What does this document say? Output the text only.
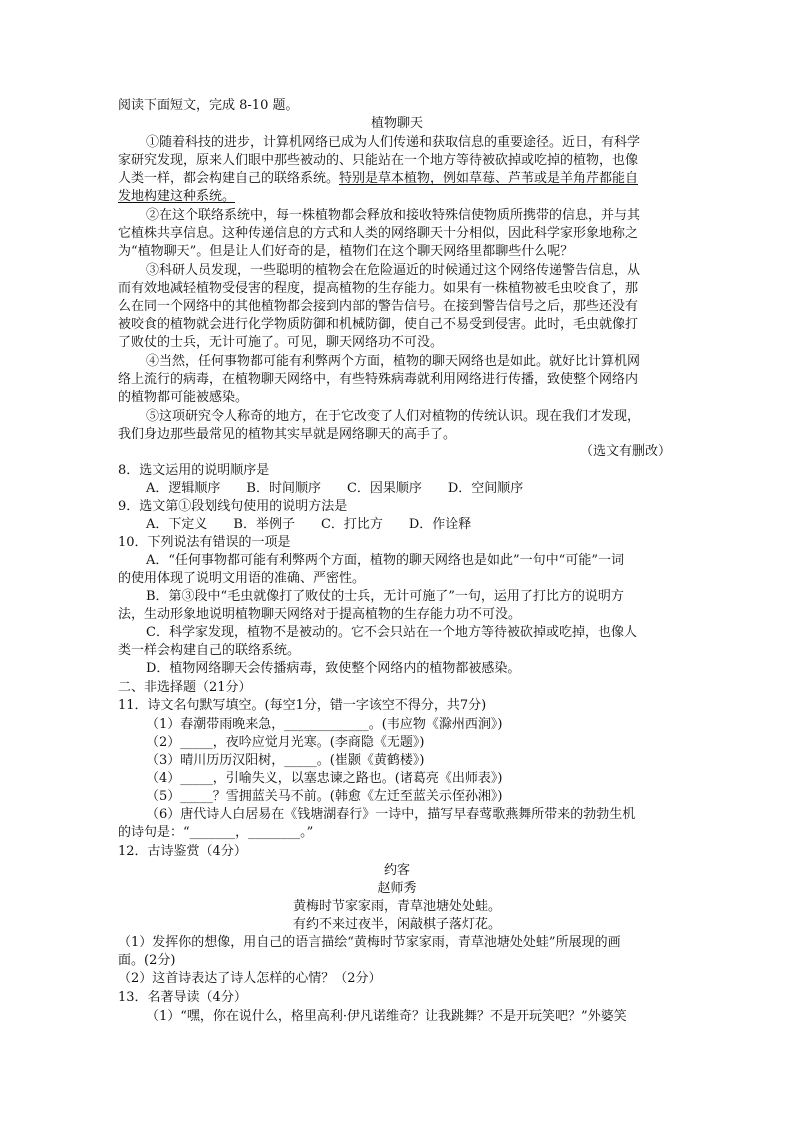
阅读下面短文，完成 8-10 题。
植物聊天
①随着科技的进步，计算机网络已成为人们传递和获取信息的重要途径。近日，有科学
家研究发现，原来人们眼中那些被动的、只能站在一个地方等待被砍掉或吃掉的植物，也像
人类一样，都会构建自己的联络系统。特别是草本植物，例如草莓、芦苇或是羊角芹都能自
发地构建这种系统。
②在这个联络系统中，每一株植物都会释放和接收特殊信使物质所携带的信息，并与其
它植株共享信息。这种传递信息的方式和人类的网络聊天十分相似，因此科学家形象地称之
为“植物聊天”。但是让人们好奇的是，植物们在这个聊天网络里都聊些什么呢？
③科研人员发现，一些聪明的植物会在危险逼近的时候通过这个网络传递警告信息，从
而有效地减轻植物受侵害的程度，提高植物的生存能力。如果有一株植物被毛虫咬食了，那
么在同一个网络中的其他植物都会接到内部的警告信号。在接到警告信号之后，那些还没有
被咬食的植物就会进行化学物质防御和机械防御，使自己不易受到侵害。此时，毛虫就像打
了败仗的士兵，无计可施了。可见，聊天网络功不可没。
④当然，任何事物都可能有利弊两个方面，植物的聊天网络也是如此。就好比计算机网
络上流行的病毒，在植物聊天网络中，有些特殊病毒就利用网络进行传播，致使整个网络内
的植物都可能被感染。
⑤这项研究令人称奇的地方，在于它改变了人们对植物的传统认识。现在我们才发现，
我们身边那些最常见的植物其实早就是网络聊天的高手了。
（选文有删改）
8．选文运用的说明顺序是
A．逻辑顺序　　B．时间顺序　　C．因果顺序　　D．空间顺序
9．选文第①段划线句使用的说明方法是
A．下定义　　B．举例子　　C．打比方　　D．作诠释
10．下列说法有错误的一项是
A．“任何事物都可能有利弊两个方面，植物的聊天网络也是如此”一句中“可能”一词
的使用体现了说明文用语的准确、严密性。
B．第③段中“毛虫就像打了败仗的士兵，无计可施了”一句，运用了打比方的说明方
法，生动形象地说明植物聊天网络对于提高植物的生存能力功不可没。
C．科学家发现，植物不是被动的。它不会只站在一个地方等待被砍掉或吃掉，也像人
类一样会构建自己的联络系统。
D．植物网络聊天会传播病毒，致使整个网络内的植物都被感染。
二、非选择题（21分）
11．诗文名句默写填空。(每空1分，错一字该空不得分，共7分)
（1）春潮带雨晚来急，_____________。(韦应物《滁州西涧》)
（2）_____，夜吟应觉月光寒。(李商隐《无题》)
（3）晴川历历汉阳树，_____。(崔颢《黄鹤楼》)
（4）_____，引喻失义，以塞忠谏之路也。(诸葛亮《出师表》)
（5）_____？雪拥蓝关马不前。(韩愈《左迁至蓝关示侄孙湘》)
（6）唐代诗人白居易在《钱塘湖春行》一诗中，描写早春莺歌燕舞所带来的勃勃生机
的诗句是：“_______，________。”
12．古诗鉴赏（4分）
约客
赵师秀
黄梅时节家家雨，青草池塘处处蛙。
有约不来过夜半，闲敲棋子落灯花。
（1）发挥你的想像，用自己的语言描绘“黄梅时节家家雨，青草池塘处处蛙”所展现的画
面。(2分)
（2）这首诗表达了诗人怎样的心情？（2分）
13．名著导读（4分）
（1）“嘿，你在说什么，格里高利·伊凡诺维奇？让我跳舞？不是开玩笑吧？”外婆笑
